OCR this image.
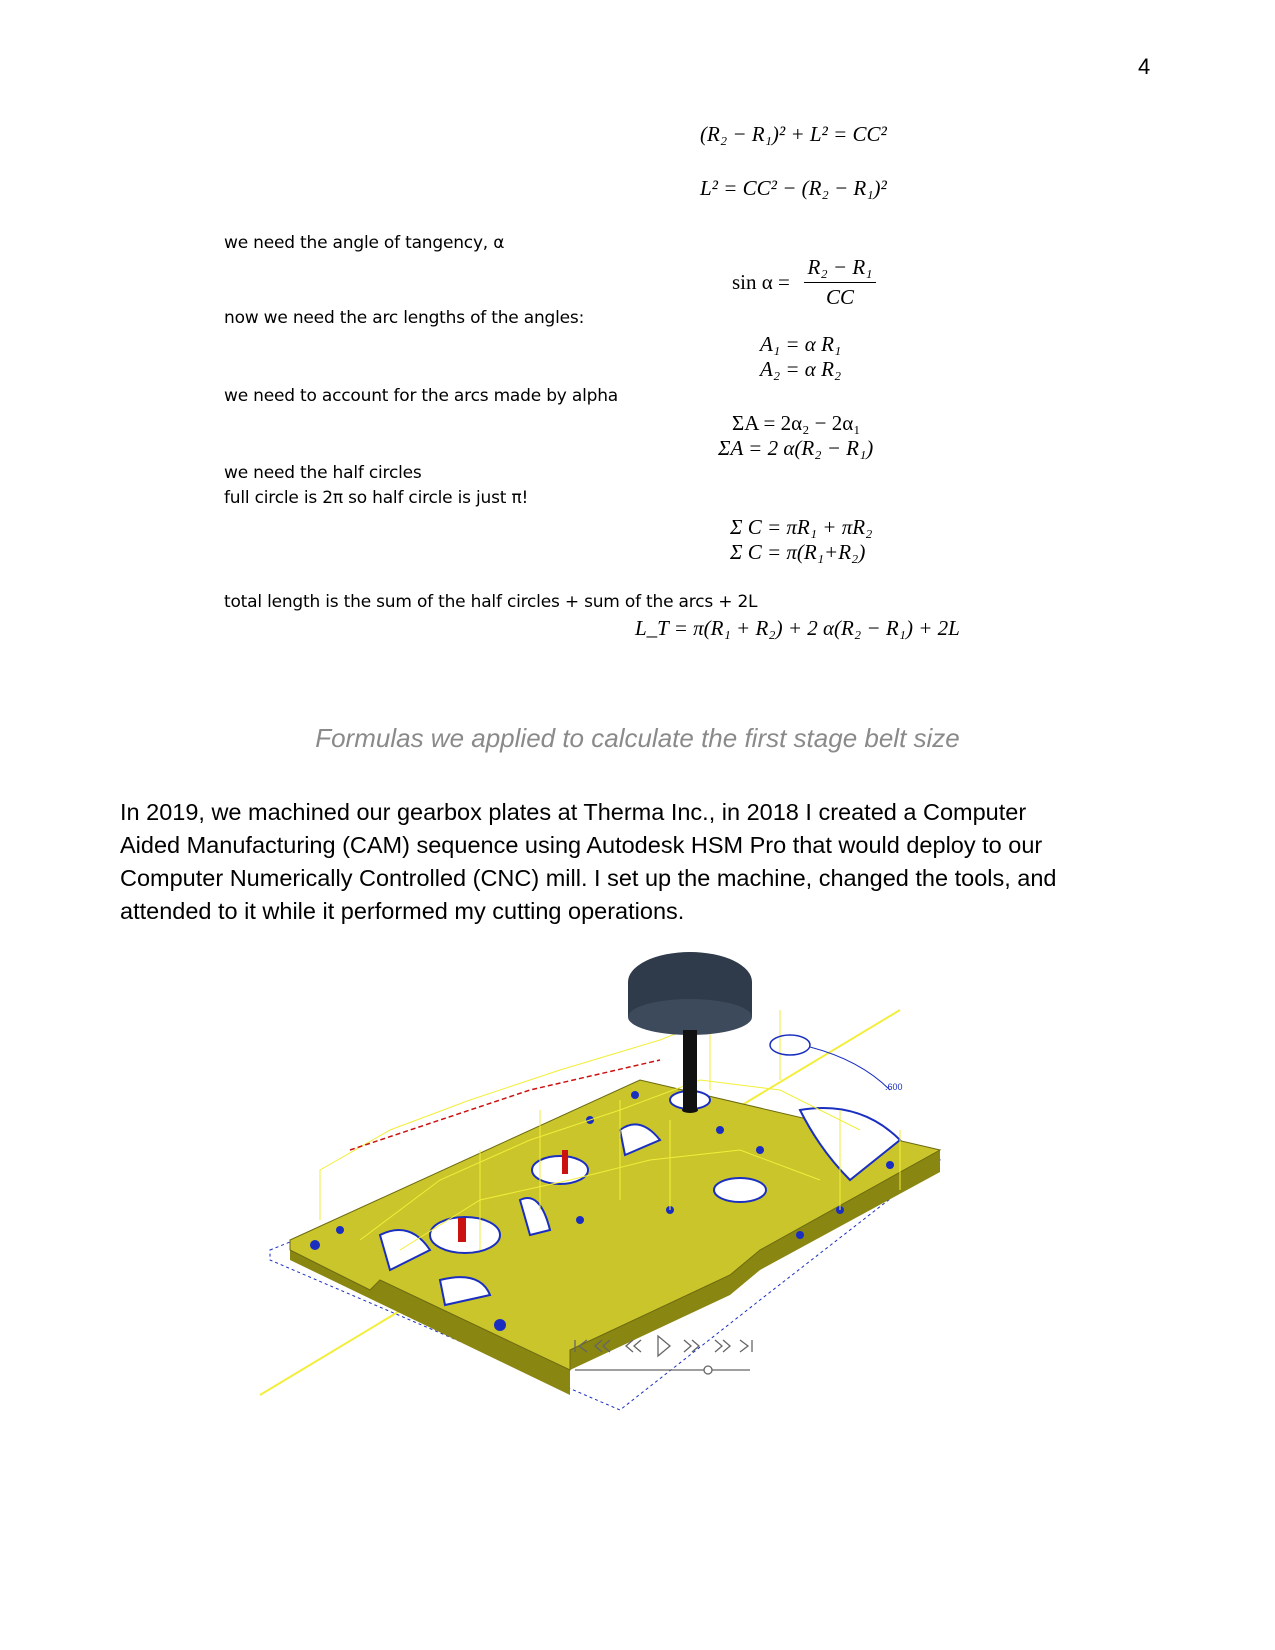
4
(R₂ − R₁)² + L² = CC²
L² = CC² − (R₂ − R₁)²
we need the angle of tangency, α
sin α =
R₂ − R₁
CC
now we need the arc lengths of the angles:
A₁ = α R₁
A₂ = α R₂
we need to account for the arcs made by alpha
ΣA = 2α₂ − 2α₁
ΣA = 2 α(R₂ − R₁)
we need the half circles
full circle is 2π so half circle is just π!
Σ C = πR₁ + πR₂
Σ C = π(R₁+R₂)
total length is the sum of the half circles + sum of the arcs + 2L
L_T = π(R₁ + R₂) + 2 α(R₂ − R₁) + 2L
Formulas we applied to calculate the first stage belt size
In 2019, we machined our gearbox plates at Therma Inc., in 2018 I created a Computer
Aided Manufacturing (CAM) sequence using Autodesk HSM Pro that would deploy to our
Computer Numerically Controlled (CNC) mill. I set up the machine, changed the tools, and
attended to it while it performed my cutting operations.
.600
